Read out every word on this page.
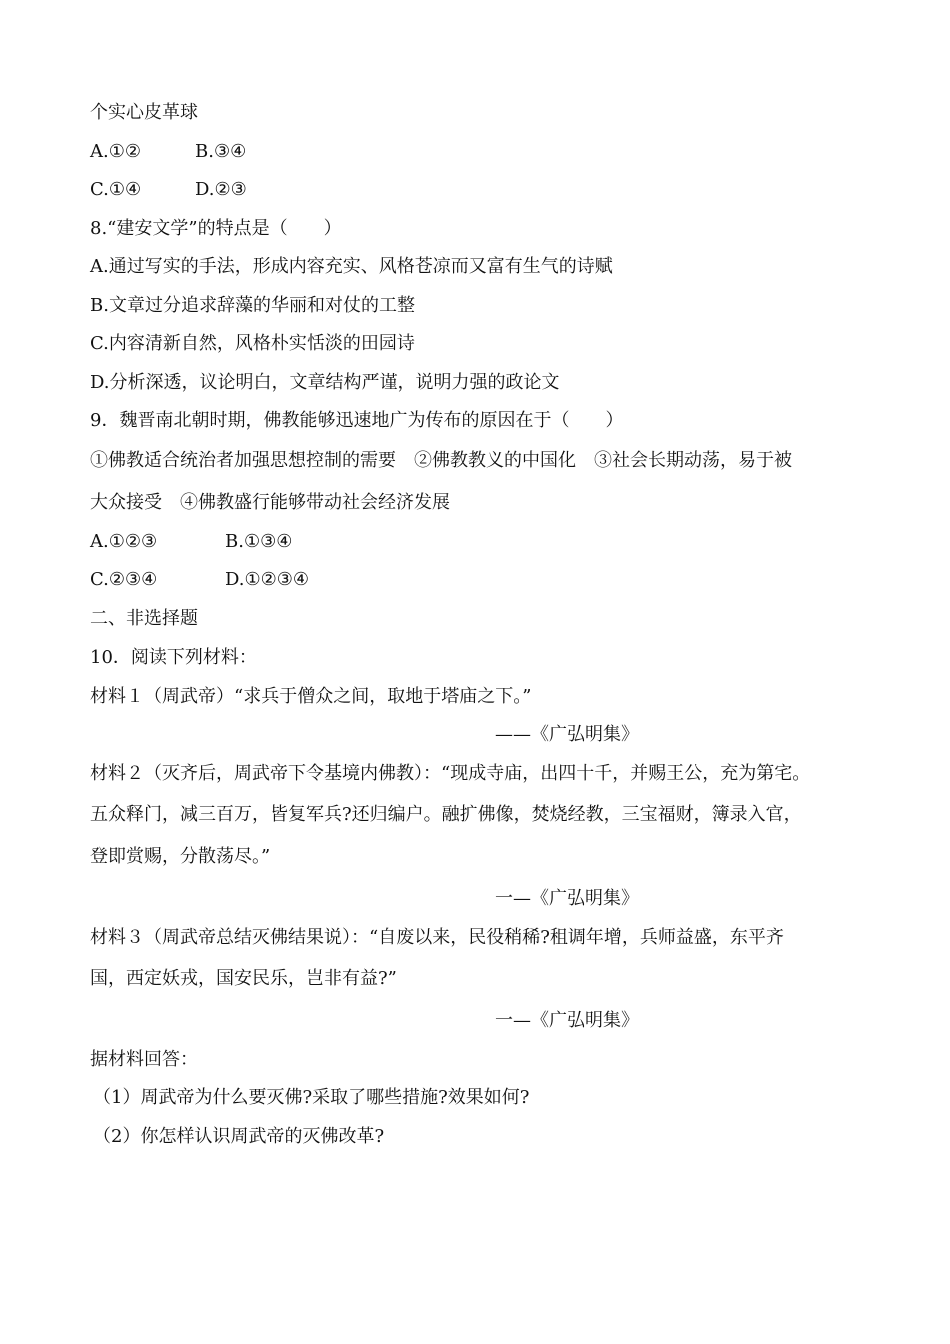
个实心皮革球
A.①②	B.③④
C.①④	D.②③
8.“建安文学”的特点是（　　）
A.通过写实的手法，形成内容充实、风格苍凉而又富有生气的诗赋
B.文章过分追求辞藻的华丽和对仗的工整
C.内容清新自然，风格朴实恬淡的田园诗
D.分析深透，议论明白，文章结构严谨，说明力强的政论文
9．魏晋南北朝时期，佛教能够迅速地广为传布的原因在于（　　）
①佛教适合统治者加强思想控制的需要　②佛教教义的中国化　③社会长期动荡，易于被
大众接受　④佛教盛行能够带动社会经济发展
A.①②③	B.①③④
C.②③④	D.①②③④
二、非选择题
10．阅读下列材料：
材料１（周武帝）“求兵于僧众之间，取地于塔庙之下。”
——《广弘明集》
材料２（灭齐后，周武帝下令基境内佛教）：“现成寺庙，出四十千，并赐王公，充为第宅。
五众释门，减三百万，皆复军兵?还归编户。融扩佛像，焚烧经教，三宝福财，簿录入官，
登即赏赐，分散荡尽。”
一—《广弘明集》
材料３（周武帝总结灭佛结果说）：“自废以来，民役稍稀?租调年增，兵师益盛，东平齐
国，西定妖戎，国安民乐，岂非有益?”
一—《广弘明集》
据材料回答：
（1）周武帝为什么要灭佛?采取了哪些措施?效果如何?
（2）你怎样认识周武帝的灭佛改革?
